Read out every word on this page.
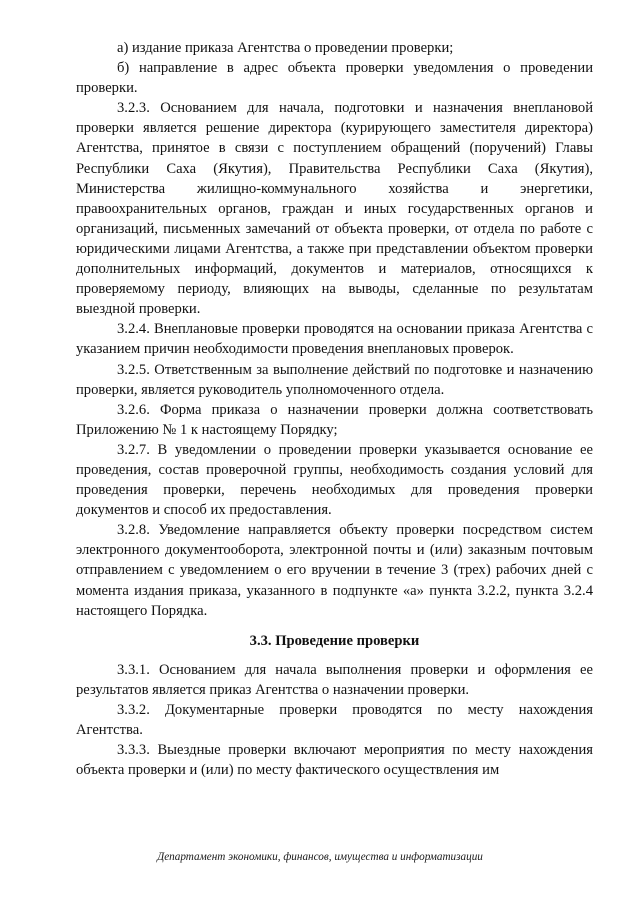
а) издание приказа Агентства о проведении проверки;

б) направление в адрес объекта проверки уведомления о проведении проверки.

3.2.3. Основанием для начала, подготовки и назначения внеплановой проверки является решение директора (курирующего заместителя директора) Агентства, принятое в связи с поступлением обращений (поручений) Главы Республики Саха (Якутия), Правительства Республики Саха (Якутия), Министерства жилищно-коммунального хозяйства и энергетики, правоохранительных органов, граждан и иных государственных органов и организаций, письменных замечаний от объекта проверки, от отдела по работе с юридическими лицами Агентства, а также при представлении объектом проверки дополнительных информаций, документов и материалов, относящихся к проверяемому периоду, влияющих на выводы, сделанные по результатам выездной проверки.

3.2.4. Внеплановые проверки проводятся на основании приказа Агентства с указанием причин необходимости проведения внеплановых проверок.

3.2.5. Ответственным за выполнение действий по подготовке и назначению проверки, является руководитель уполномоченного отдела.

3.2.6. Форма приказа о назначении проверки должна соответствовать Приложению № 1 к настоящему Порядку;

3.2.7. В уведомлении о проведении проверки указывается основание ее проведения, состав проверочной группы, необходимость создания условий для проведения проверки, перечень необходимых для проведения проверки документов и способ их предоставления.

3.2.8. Уведомление направляется объекту проверки посредством систем электронного документооборота, электронной почты и (или) заказным почтовым отправлением с уведомлением о его вручении в течение 3 (трех) рабочих дней с момента издания приказа, указанного в подпункте «а» пункта 3.2.2, пункта 3.2.4 настоящего Порядка.

3.3. Проведение проверки

3.3.1. Основанием для начала выполнения проверки и оформления ее результатов является приказ Агентства о назначении проверки.

3.3.2. Документарные проверки проводятся по месту нахождения Агентства.

3.3.3. Выездные проверки включают мероприятия по месту нахождения объекта проверки и (или) по месту фактического осуществления им

Департамент экономики, финансов, имущества и информатизации
